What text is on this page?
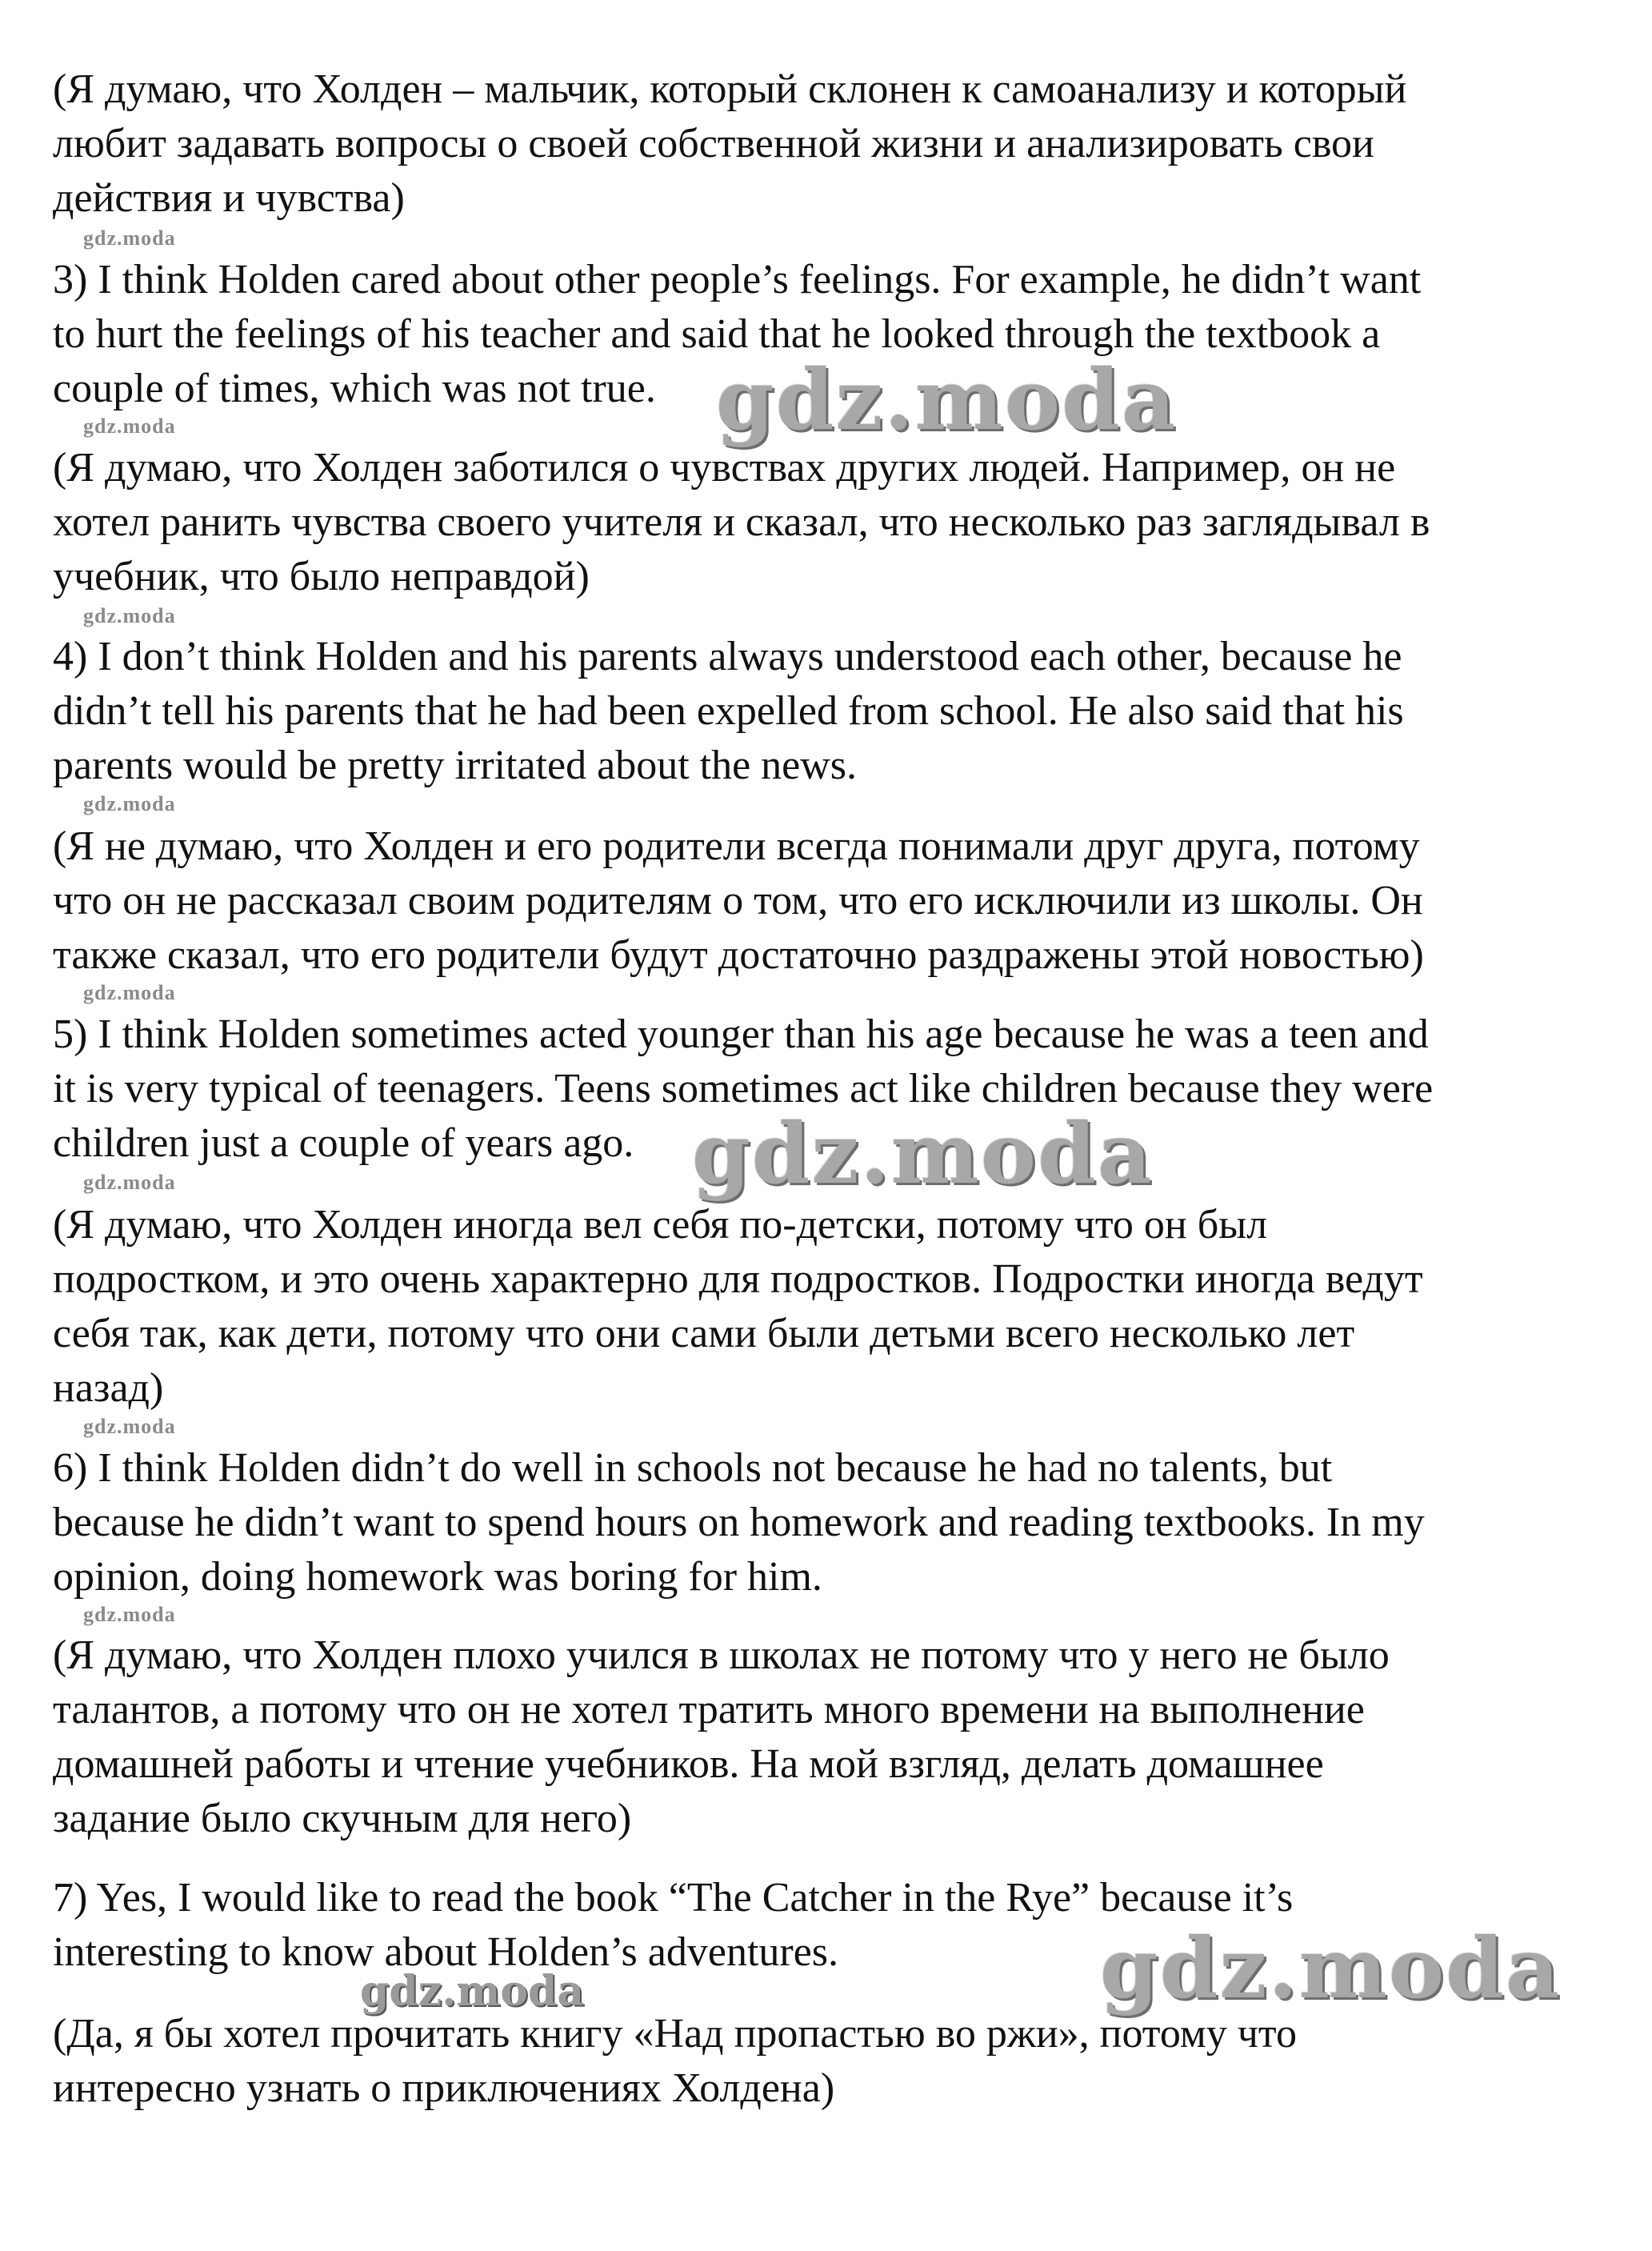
(Я думаю, что Холден – мальчик, который склонен к самоанализу и который
любит задавать вопросы о своей собственной жизни и анализировать свои
действия и чувства)

3) I think Holden cared about other people’s feelings. For example, he didn’t want
to hurt the feelings of his teacher and said that he looked through the textbook a
couple of times, which was not true.

(Я думаю, что Холден заботился о чувствах других людей. Например, он не
хотел ранить чувства своего учителя и сказал, что несколько раз заглядывал в
учебник, что было неправдой)

4) I don’t think Holden and his parents always understood each other, because he
didn’t tell his parents that he had been expelled from school. He also said that his
parents would be pretty irritated about the news.

(Я не думаю, что Холден и его родители всегда понимали друг друга, потому
что он не рассказал своим родителям о том, что его исключили из школы. Он
также сказал, что его родители будут достаточно раздражены этой новостью)

5) I think Holden sometimes acted younger than his age because he was a teen and
it is very typical of teenagers. Teens sometimes act like children because they were
children just a couple of years ago.

(Я думаю, что Холден иногда вел себя по-детски, потому что он был
подростком, и это очень характерно для подростков. Подростки иногда ведут
себя так, как дети, потому что они сами были детьми всего несколько лет
назад)

6) I think Holden didn’t do well in schools not because he had no talents, but
because he didn’t want to spend hours on homework and reading textbooks. In my
opinion, doing homework was boring for him.

(Я думаю, что Холден плохо учился в школах не потому что у него не было
талантов, а потому что он не хотел тратить много времени на выполнение
домашней работы и чтение учебников. На мой взгляд, делать домашнее
задание было скучным для него)

7) Yes, I would like to read the book “The Catcher in the Rye” because it’s
interesting to know about Holden’s adventures.

(Да, я бы хотел прочитать книгу «Над пропастью во ржи», потому что
интересно узнать о приключениях Холдена)

gdz.moda
gdz.moda
gdz.moda
gdz.moda
gdz.moda
gdz.moda
gdz.moda
gdz.moda
gdz.moda
gdz.moda
gdz.moda
gdz.moda
